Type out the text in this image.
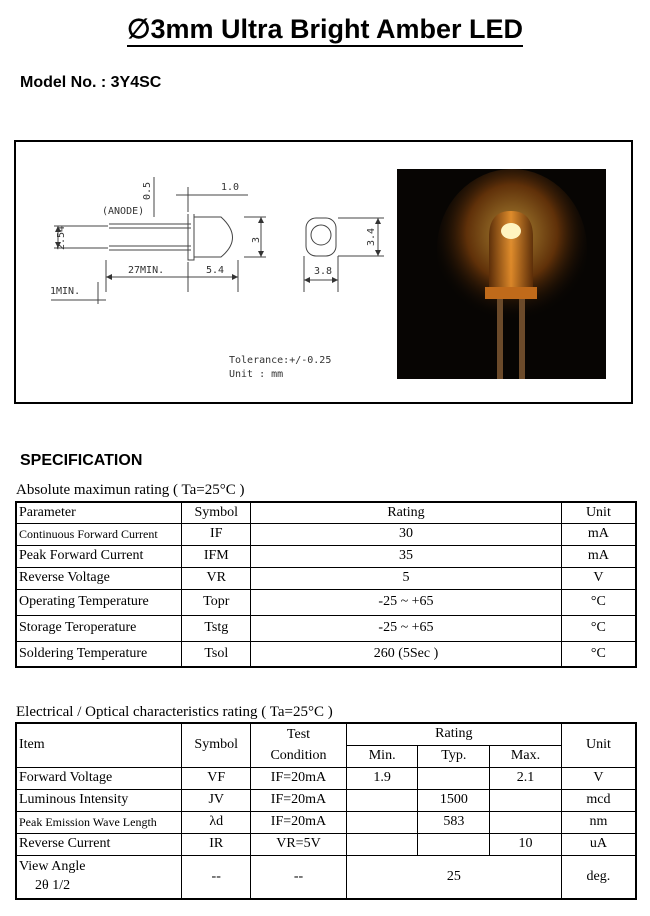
∅3mm Ultra Bright Amber LED
Model No. : 3Y4SC
0.5	1.0
(ANODE)
2.54	3
27MIN.	5.4
1MIN.
3.4
3.8
Tolerance:+/-0.25
Unit : mm
SPECIFICATION
Absolute maximun rating ( Ta=25°C )
Parameter	Symbol	Rating	Unit
Continuous Forward Current	IF	30	mA
Peak Forward Current	IFM	35	mA
Reverse Voltage	VR	5	V
Operating Temperature	Topr	-25 ~ +65	°C
Storage Teroperature	Tstg	-25 ~ +65	°C
Soldering Temperature	Tsol	260 (5Sec )	°C
Electrical / Optical characteristics rating ( Ta=25°C )
Item	Symbol	Test	Rating			Unit
		Condition	Min.	Typ.	Max.	
Forward Voltage	VF	IF=20mA	1.9		2.1	V
Luminous Intensity	JV	IF=20mA		1500		mcd
Peak Emission Wave Length	λd	IF=20mA		583		nm
Reverse Current	IR	VR=5V			10	uA
View Angle
2θ 1/2	--	--	25			deg.
